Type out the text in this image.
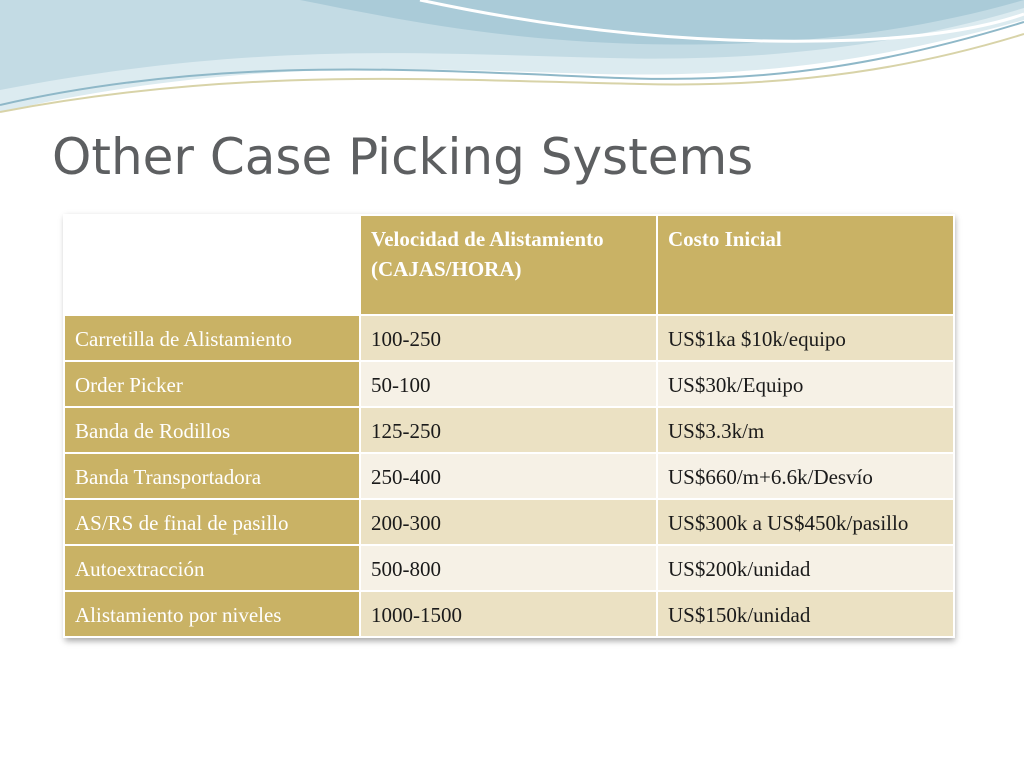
Other Case Picking Systems
	Velocidad de Alistamiento (CAJAS/HORA)	Costo Inicial
Carretilla de Alistamiento	100-250	US$1ka $10k/equipo
Order Picker	50-100	US$30k/Equipo
Banda de Rodillos	125-250	US$3.3k/m
Banda Transportadora	250-400	US$660/m+6.6k/Desvío
AS/RS de final de pasillo	200-300	US$300k a US$450k/pasillo
Autoextracción	500-800	US$200k/unidad
Alistamiento por niveles	1000-1500	US$150k/unidad
